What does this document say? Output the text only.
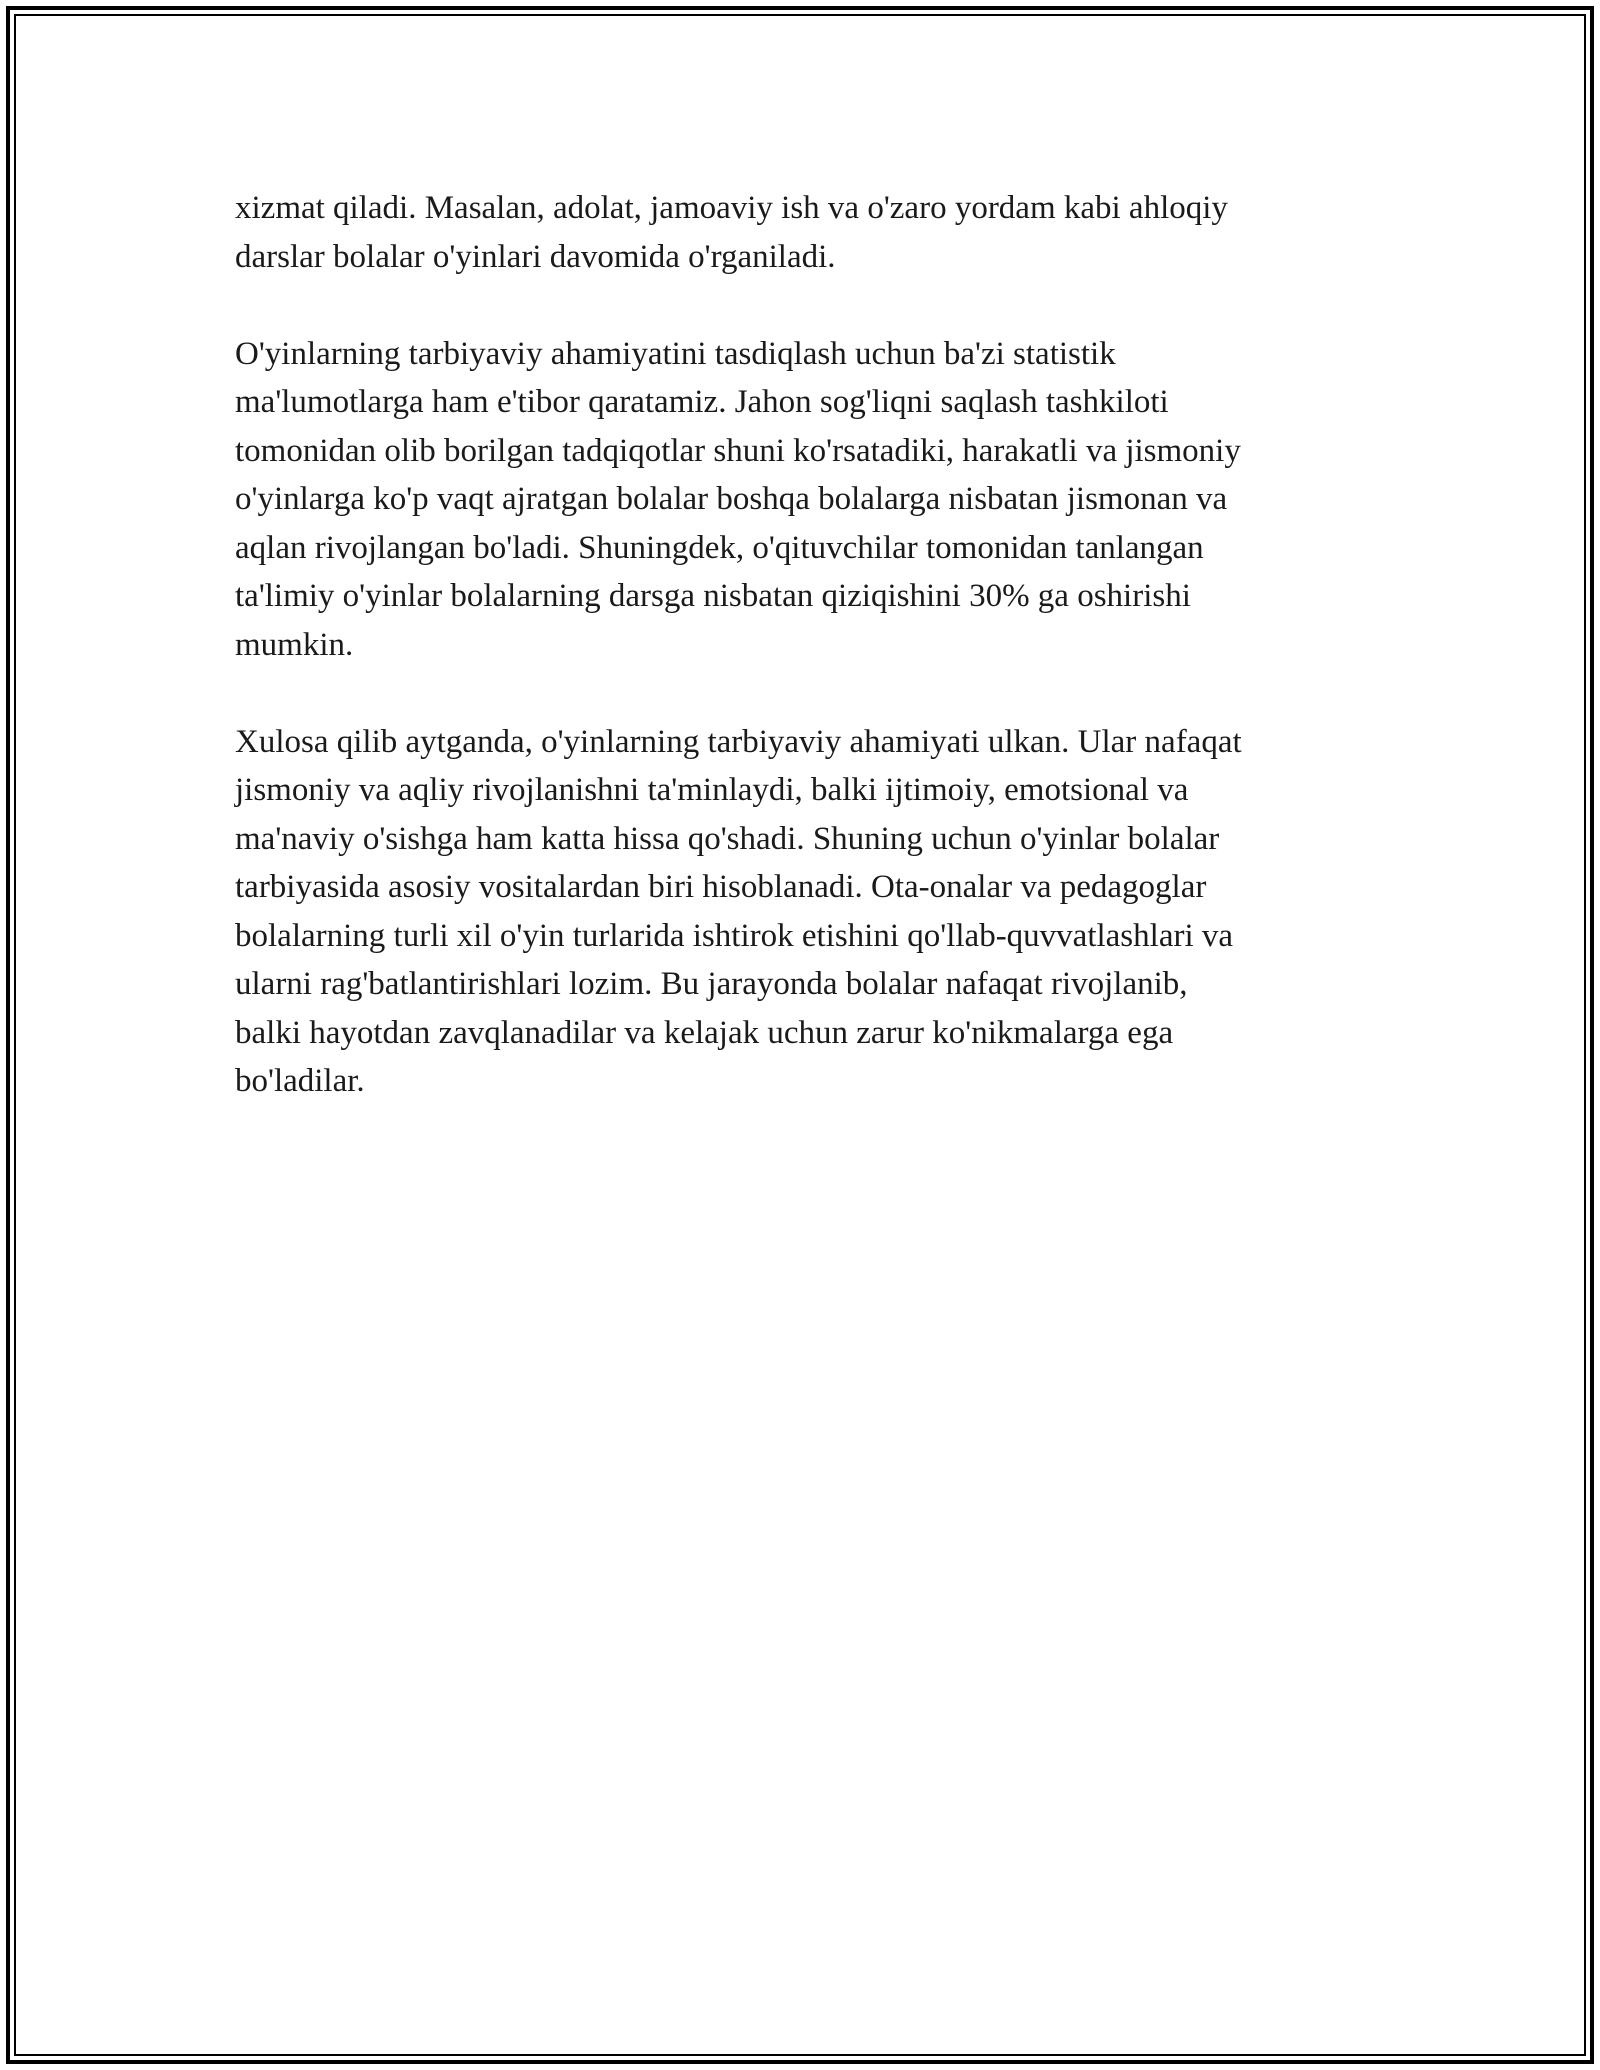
xizmat qiladi. Masalan, adolat, jamoaviy ish va o'zaro yordam kabi ahloqiy
darslar bolalar o'yinlari davomida o'rganiladi.

O'yinlarning tarbiyaviy ahamiyatini tasdiqlash uchun ba'zi statistik
ma'lumotlarga ham e'tibor qaratamiz. Jahon sog'liqni saqlash tashkiloti
tomonidan olib borilgan tadqiqotlar shuni ko'rsatadiki, harakatli va jismoniy
o'yinlarga ko'p vaqt ajratgan bolalar boshqa bolalarga nisbatan jismonan va
aqlan rivojlangan bo'ladi. Shuningdek, o'qituvchilar tomonidan tanlangan
ta'limiy o'yinlar bolalarning darsga nisbatan qiziqishini 30% ga oshirishi
mumkin.

Xulosa qilib aytganda, o'yinlarning tarbiyaviy ahamiyati ulkan. Ular nafaqat
jismoniy va aqliy rivojlanishni ta'minlaydi, balki ijtimoiy, emotsional va
ma'naviy o'sishga ham katta hissa qo'shadi. Shuning uchun o'yinlar bolalar
tarbiyasida asosiy vositalardan biri hisoblanadi. Ota-onalar va pedagoglar
bolalarning turli xil o'yin turlarida ishtirok etishini qo'llab-quvvatlashlari va
ularni rag'batlantirishlari lozim. Bu jarayonda bolalar nafaqat rivojlanib,
balki hayotdan zavqlanadilar va kelajak uchun zarur ko'nikmalarga ega
bo'ladilar.
